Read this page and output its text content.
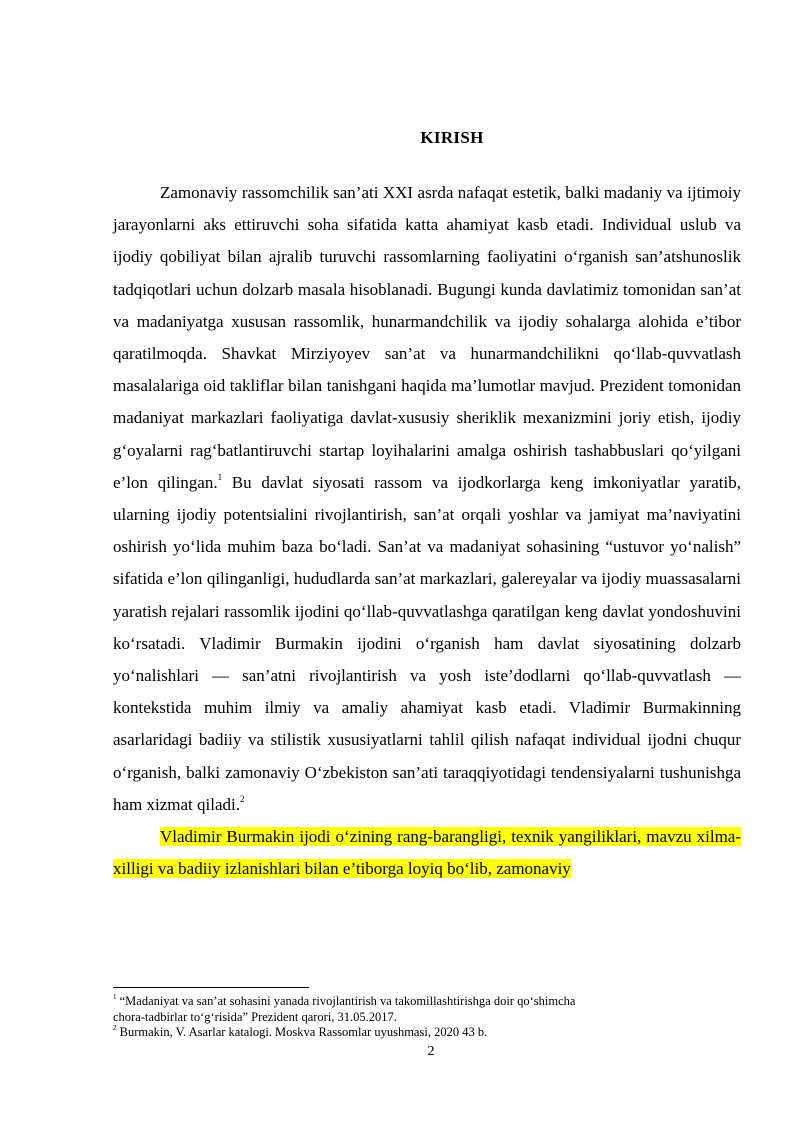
KIRISH

Zamonaviy rassomchilik san’ati XXI asrda nafaqat estetik, balki madaniy va ijtimoiy jarayonlarni aks ettiruvchi soha sifatida katta ahamiyat kasb etadi. Individual uslub va ijodiy qobiliyat bilan ajralib turuvchi rassomlarning faoliyatini o‘rganish san’atshunoslik tadqiqotlari uchun dolzarb masala hisoblanadi. Bugungi kunda davlatimiz tomonidan san’at va madaniyatga xususan rassomlik, hunarmandchilik va ijodiy sohalarga alohida e’tibor qaratilmoqda. Shavkat Mirziyoyev san’at va hunarmandchilikni qo‘llab-quvvatlash masalalariga oid takliflar bilan tanishgani haqida ma’lumotlar mavjud. Prezident tomonidan madaniyat markazlari faoliyatiga davlat-xususiy sheriklik mexanizmini joriy etish, ijodiy g‘oyalarni rag‘batlantiruvchi startap loyihalarini amalga oshirish tashabbuslari qo‘yilgani e’lon qilingan.$^1$ Bu davlat siyosati rassom va ijodkorlarga keng imkoniyatlar yaratib, ularning ijodiy potentsialini rivojlantirish, san’at orqali yoshlar va jamiyat ma’naviyatini oshirish yo‘lida muhim baza bo‘ladi. San’at va madaniyat sohasining “ustuvor yo‘nalish” sifatida e’lon qilinganligi, hududlarda san’at markazlari, galereyalar va ijodiy muassasalarni yaratish rejalari rassomlik ijodini qo‘llab-quvvatlashga qaratilgan keng davlat yondoshuvini ko‘rsatadi. Vladimir Burmakin ijodini o‘rganish ham davlat siyosatining dolzarb yo‘nalishlari — san’atni rivojlantirish va yosh iste’dodlarni qo‘llab-quvvatlash — kontekstida muhim ilmiy va amaliy ahamiyat kasb etadi. Vladimir Burmakinning asarlaridagi badiiy va stilistik xususiyatlarni tahlil qilish nafaqat individual ijodni chuqur o‘rganish, balki zamonaviy O‘zbekiston san’ati taraqqiyotidagi tendensiyalarni tushunishga ham xizmat qiladi.$^2$

Vladimir Burmakin ijodi o‘zining rang-barangligi, texnik yangiliklari, mavzu xilma-xilligi va badiiy izlanishlari bilan e’tiborga loyiq bo‘lib, zamonaviy

$^1$ “Madaniyat va san’at sohasini yanada rivojlantirish va takomillashtirishga doir qo‘shimcha
chora-tadbirlar to‘g‘risida” Prezident qarori, 31.05.2017.
$^2$ Burmakin, V. Asarlar katalogi. Moskva Rassomlar uyushmasi, 2020 43 b.
2
